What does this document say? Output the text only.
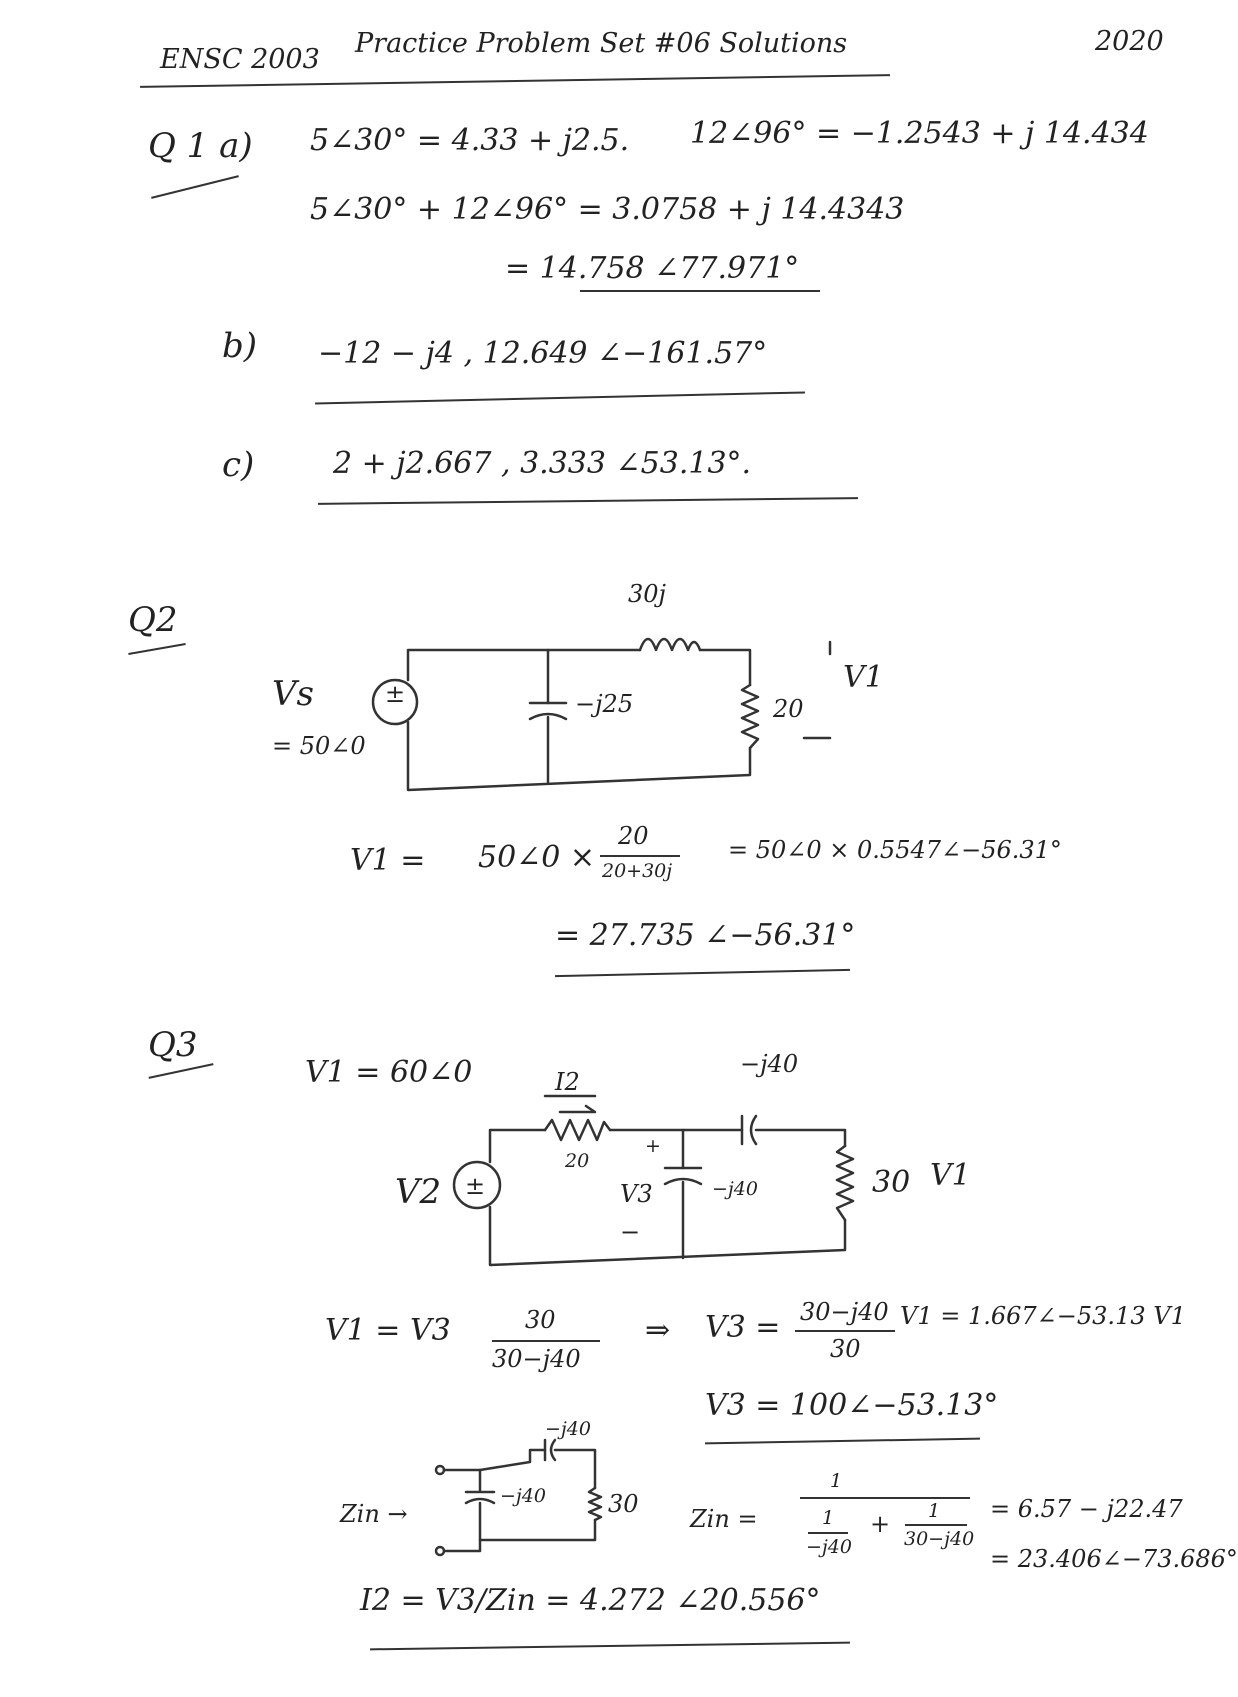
ENSC 2003
Practice Problem Set #06 Solutions	2020
Q 1 a) 5∠30° = 4.33 + j2.5. 12∠96° = −1.2543 + j 14.434
5∠30° + 12∠96° = 3.0758 + j 14.4343
= 14.758 ∠77.971°
b) −12 − j4 , 12.649 ∠−161.57°
c)	2 + j2.667 , 3.333 ∠53.13°.
Q2
±
30j
−j25	20
Vs
= 50∠0
V1
V1 = 50∠0 ×
20
20+30j
= 50∠0 × 0.5547∠−56.31°
= 27.735 ∠−56.31°
Q3
V1 = 60∠0
±
I2
20
−j40
+
V3
−
−j40	30 V1
V2
V1 = V3	30
30−j40
⇒ V3 = 30−j40
30
V1 = 1.667∠−53.13 V1
V3 = 100∠−53.13°
−j40
−j40	30
Zin →	Zin =
1
1
−j40
+ 1
30−j40
= 6.57 − j22.47
= 23.406∠−73.686°
I2 = V3/Zin = 4.272 ∠20.556°
